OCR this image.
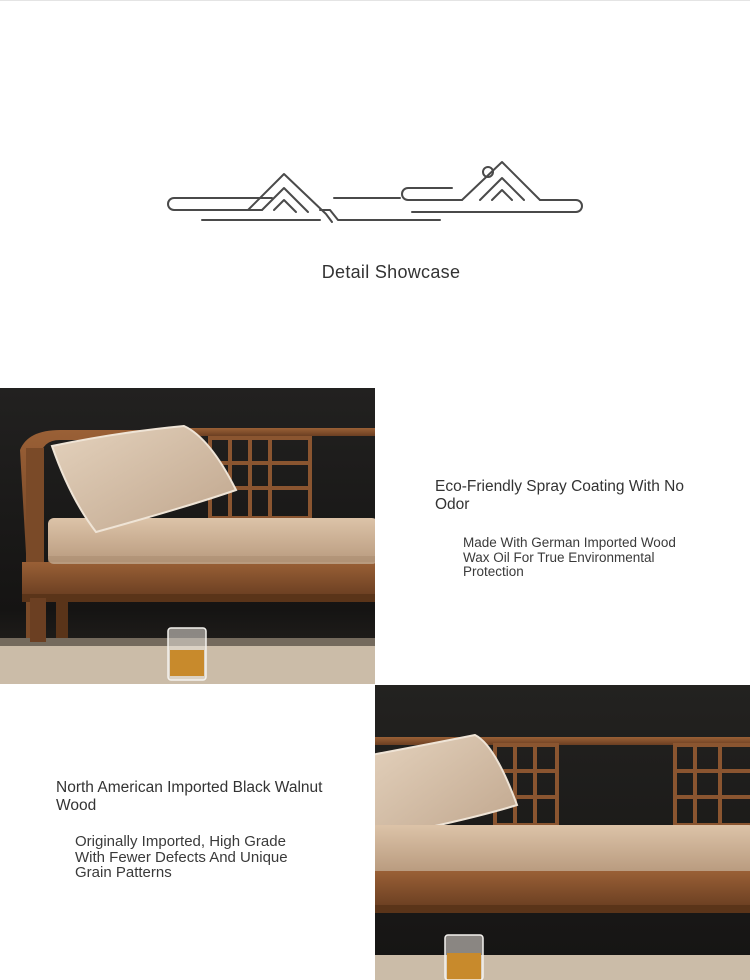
Detail Showcase
Eco-Friendly Spray Coating With No Odor
Made With German Imported Wood Wax Oil For True Environmental Protection
North American Imported Black Walnut Wood
Originally Imported, High Grade With Fewer Defects And Unique Grain Patterns
